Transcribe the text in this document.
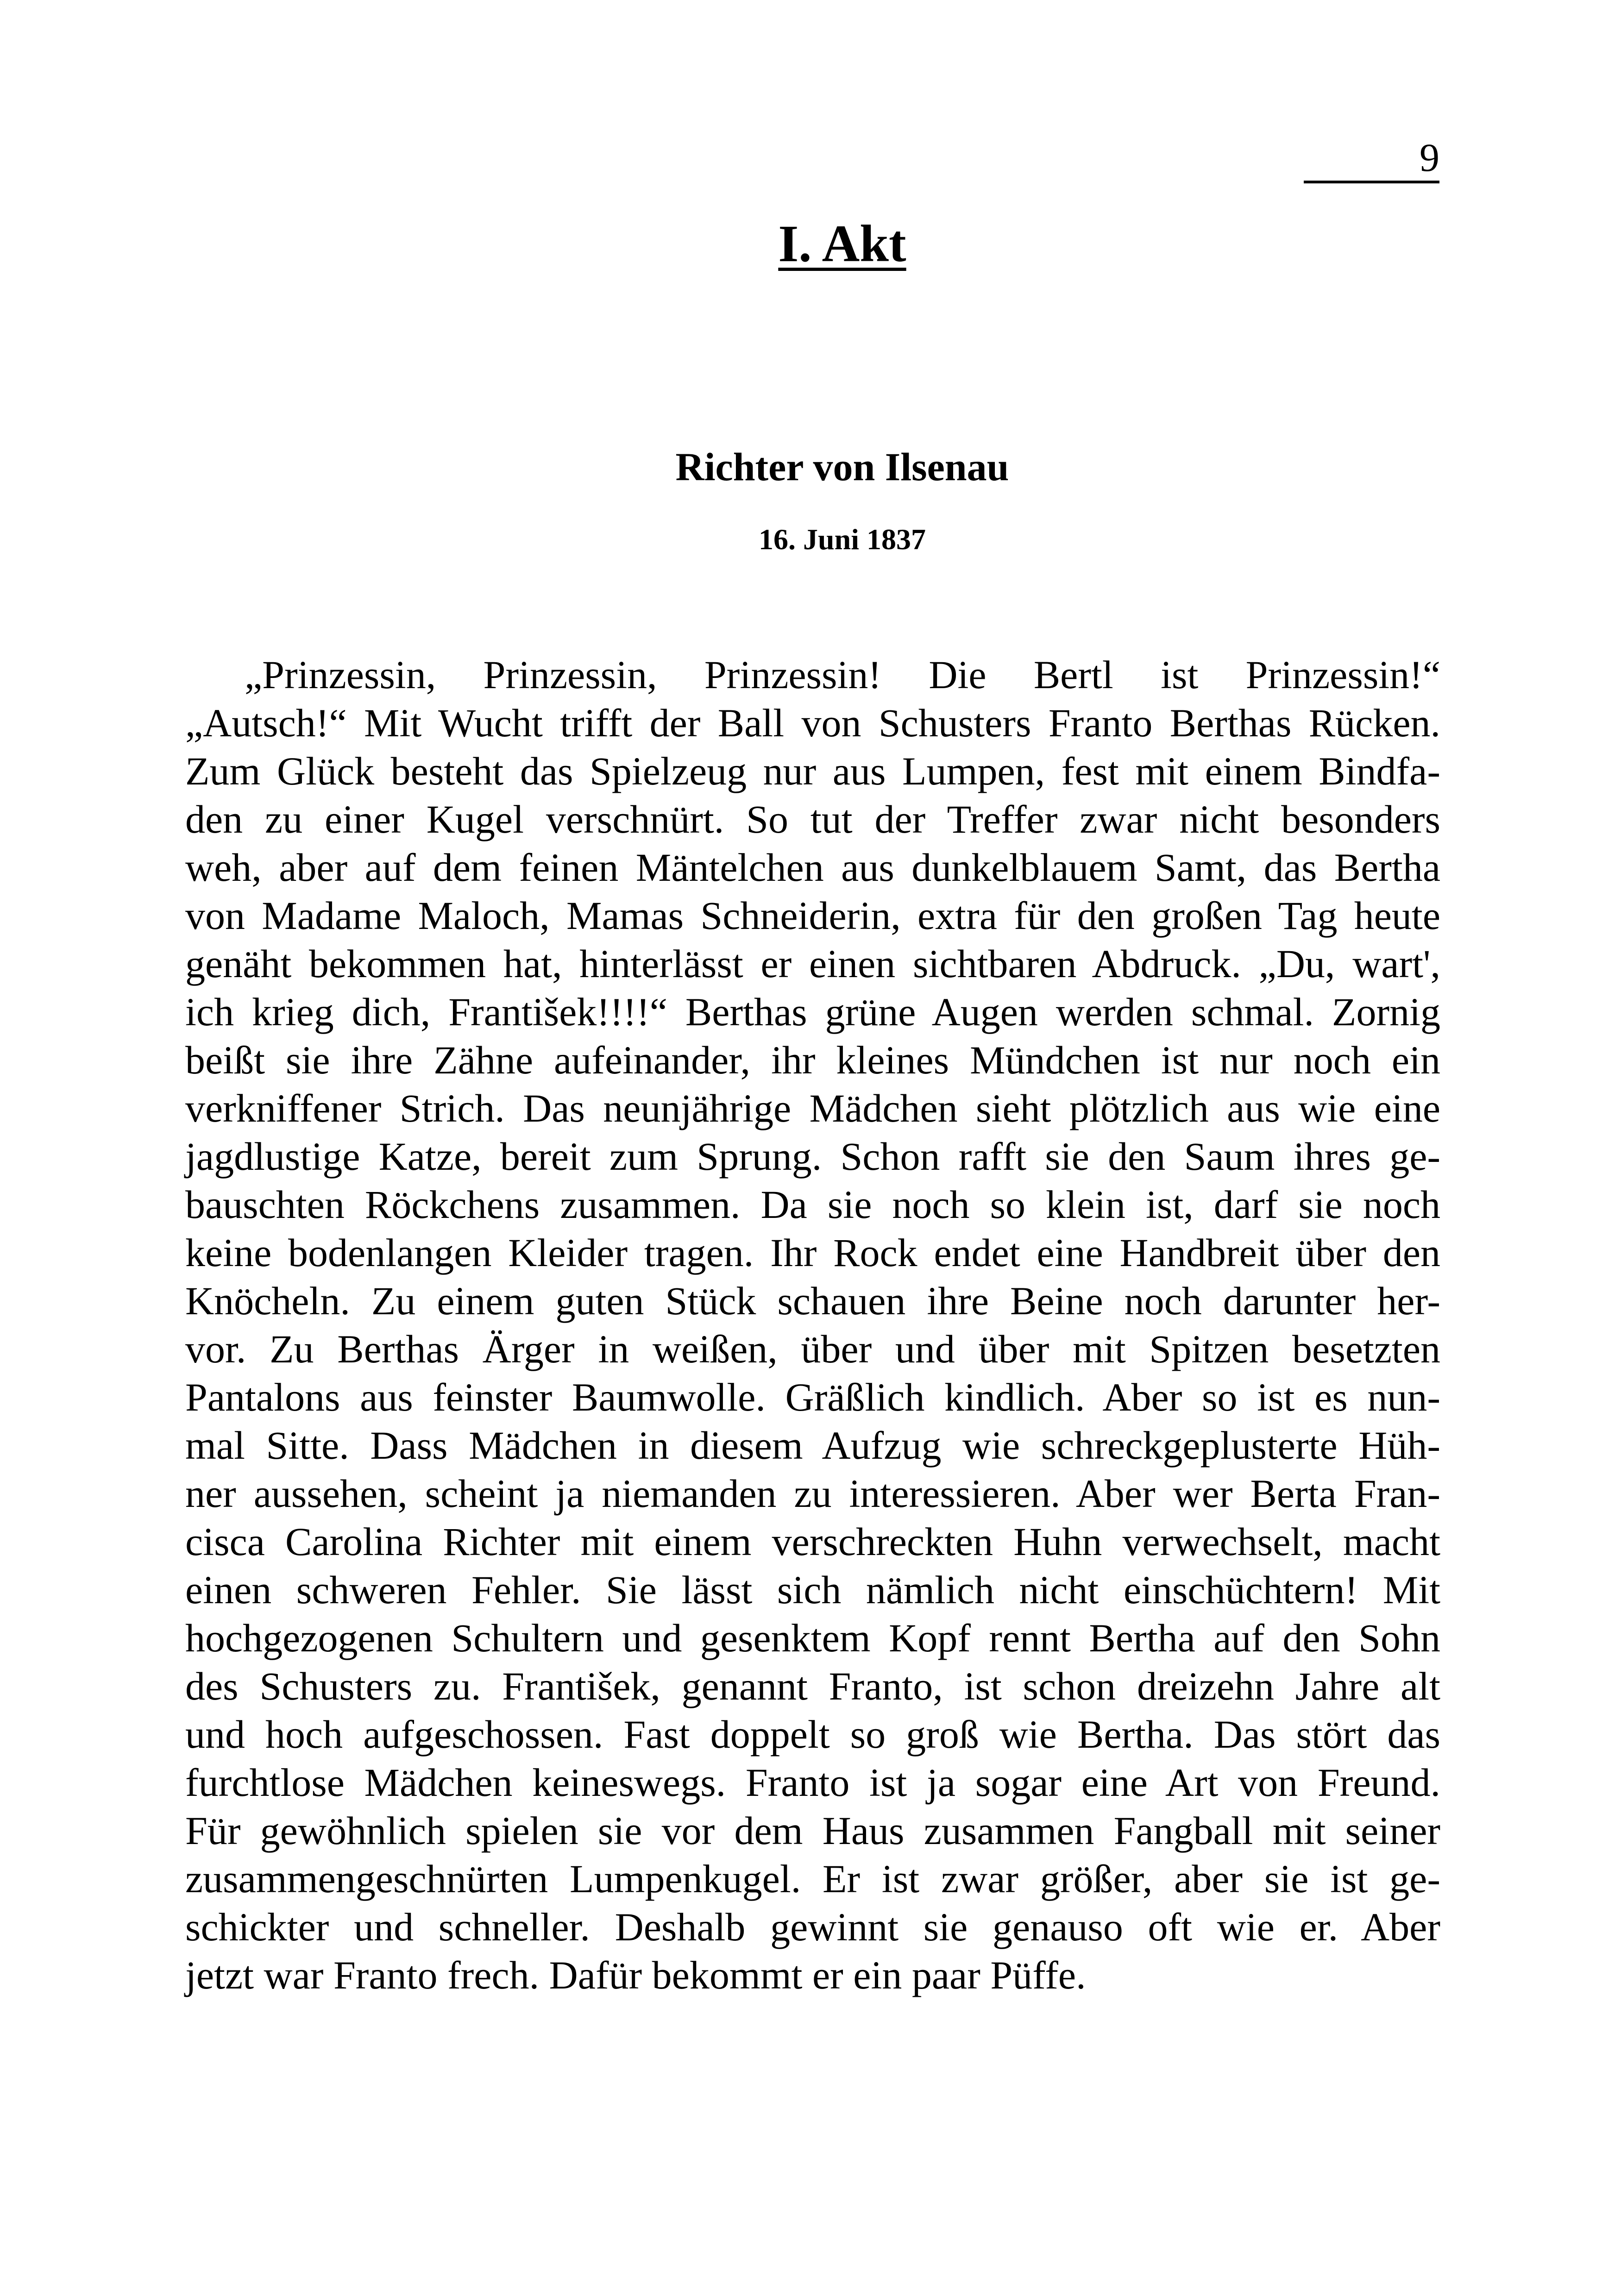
9
I. Akt
Richter von Ilsenau
16. Juni 1837
„Prinzessin, Prinzessin, Prinzessin! Die Bertl ist Prinzessin!“
„Autsch!“ Mit Wucht trifft der Ball von Schusters Franto Berthas Rücken.
Zum Glück besteht das Spielzeug nur aus Lumpen, fest mit einem Bindfa-
den zu einer Kugel verschnürt. So tut der Treffer zwar nicht besonders
weh, aber auf dem feinen Mäntelchen aus dunkelblauem Samt, das Bertha
von Madame Maloch, Mamas Schneiderin, extra für den großen Tag heute
genäht bekommen hat, hinterlässt er einen sichtbaren Abdruck. „Du, wart',
ich krieg dich, František!!!!“ Berthas grüne Augen werden schmal. Zornig
beißt sie ihre Zähne aufeinander, ihr kleines Mündchen ist nur noch ein
verkniffener Strich. Das neunjährige Mädchen sieht plötzlich aus wie eine
jagdlustige Katze, bereit zum Sprung. Schon rafft sie den Saum ihres ge-
bauschten Röckchens zusammen. Da sie noch so klein ist, darf sie noch
keine bodenlangen Kleider tragen. Ihr Rock endet eine Handbreit über den
Knöcheln. Zu einem guten Stück schauen ihre Beine noch darunter her-
vor. Zu Berthas Ärger in weißen, über und über mit Spitzen besetzten
Pantalons aus feinster Baumwolle. Gräßlich kindlich. Aber so ist es nun-
mal Sitte. Dass Mädchen in diesem Aufzug wie schreckgeplusterte Hüh-
ner aussehen, scheint ja niemanden zu interessieren. Aber wer Berta Fran-
cisca Carolina Richter mit einem verschreckten Huhn verwechselt, macht
einen schweren Fehler. Sie lässt sich nämlich nicht einschüchtern! Mit
hochgezogenen Schultern und gesenktem Kopf rennt Bertha auf den Sohn
des Schusters zu. František, genannt Franto, ist schon dreizehn Jahre alt
und hoch aufgeschossen. Fast doppelt so groß wie Bertha. Das stört das
furchtlose Mädchen keineswegs. Franto ist ja sogar eine Art von Freund.
Für gewöhnlich spielen sie vor dem Haus zusammen Fangball mit seiner
zusammengeschnürten Lumpenkugel. Er ist zwar größer, aber sie ist ge-
schickter und schneller. Deshalb gewinnt sie genauso oft wie er. Aber
jetzt war Franto frech. Dafür bekommt er ein paar Püffe.
